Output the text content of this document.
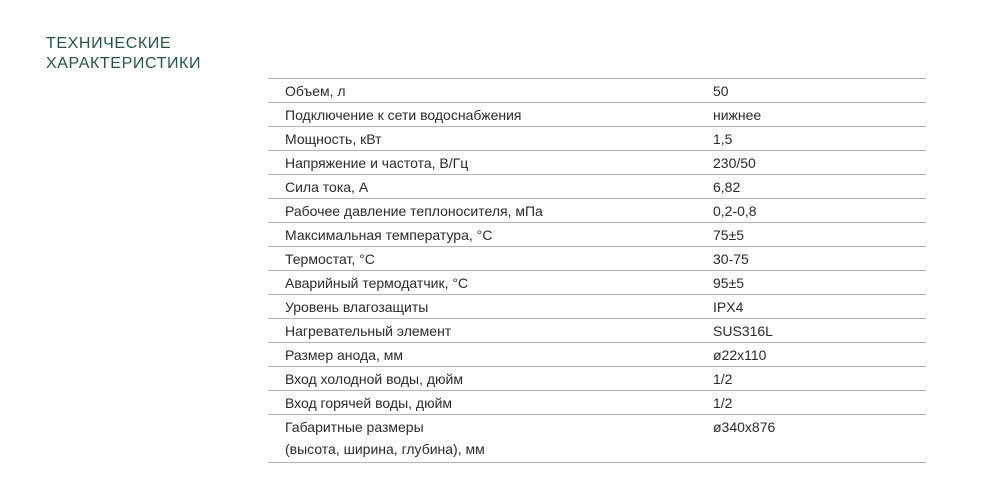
ТЕХНИЧЕСКИЕ
ХАРАКТЕРИСТИКИ
Объем, л	50
Подключение к сети водоснабжения	нижнее
Мощность, кВт	1,5
Напряжение и частота, В/Гц	230/50
Сила тока, А	6,82
Рабочее давление теплоносителя, мПа	0,2-0,8
Максимальная температура, °С	75±5
Термостат, °С	30-75
Аварийный термодатчик, °С	95±5
Уровень влагозащиты	IPX4
Нагревательный элемент	SUS316L
Размер анода, мм	ø22x110
Вход холодной воды, дюйм	1/2
Вход горячей воды, дюйм	1/2

Габаритные размеры
(высота, ширина, глубина), мм	ø340x876
